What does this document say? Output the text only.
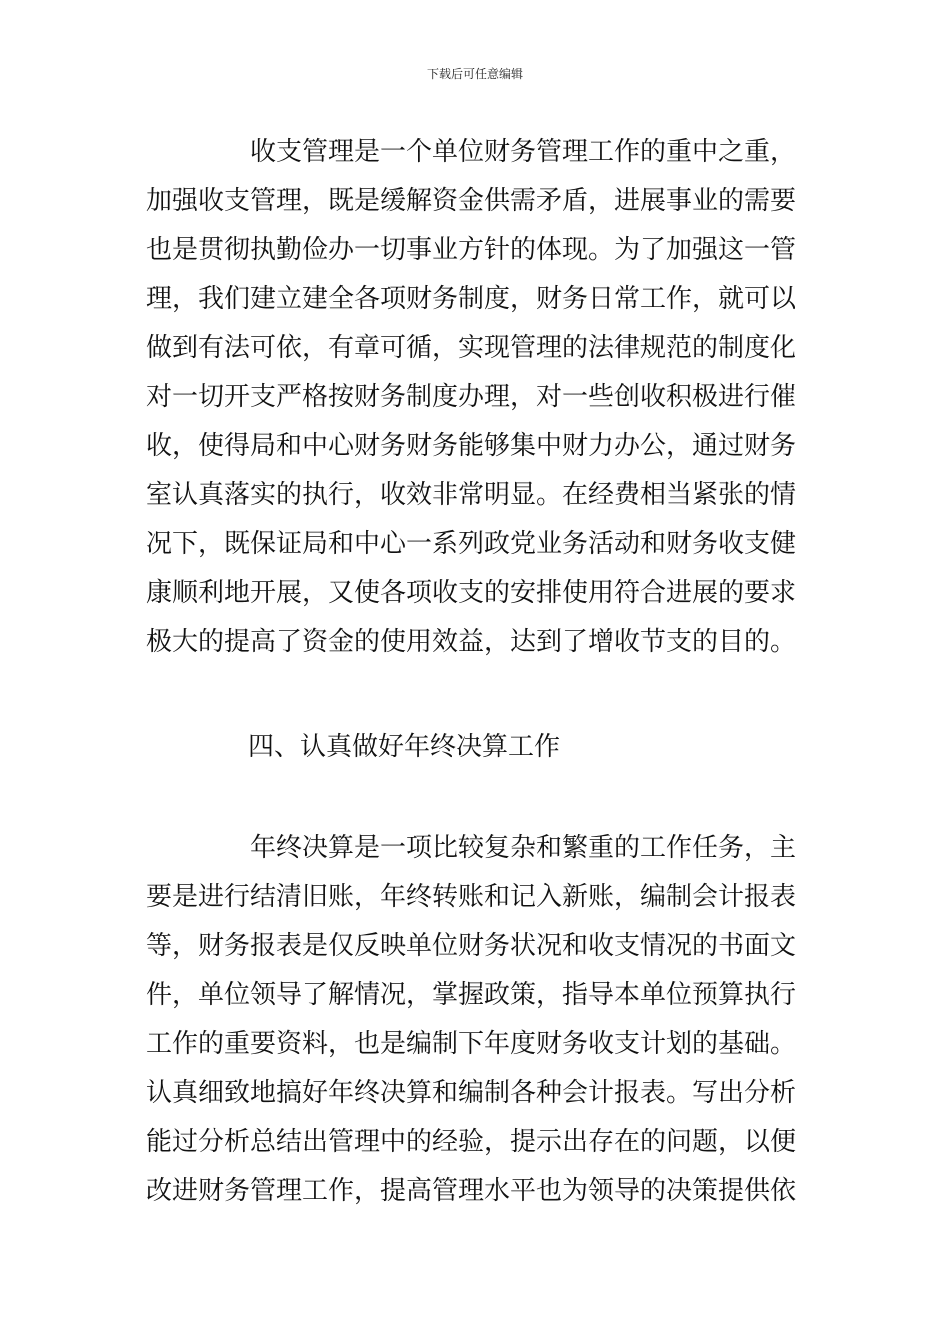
下载后可任意编辑
收支管理是一个单位财务管理工作的重中之重，
加强收支管理，既是缓解资金供需矛盾，进展事业的需要
也是贯彻执勤俭办一切事业方针的体现。为了加强这一管
理，我们建立建全各项财务制度，财务日常工作，就可以
做到有法可依，有章可循，实现管理的法律规范的制度化
对一切开支严格按财务制度办理，对一些创收积极进行催
收，使得局和中心财务财务能够集中财力办公，通过财务
室认真落实的执行，收效非常明显。在经费相当紧张的情
况下，既保证局和中心一系列政党业务活动和财务收支健
康顺利地开展，又使各项收支的安排使用符合进展的要求
极大的提高了资金的使用效益，达到了增收节支的目的。
四、认真做好年终决算工作
年终决算是一项比较复杂和繁重的工作任务，主
要是进行结清旧账，年终转账和记入新账，编制会计报表
等，财务报表是仅反映单位财务状况和收支情况的书面文
件，单位领导了解情况，掌握政策，指导本单位预算执行
工作的重要资料，也是编制下年度财务收支计划的基础。
认真细致地搞好年终决算和编制各种会计报表。写出分析
能过分析总结出管理中的经验，提示出存在的问题，以便
改进财务管理工作，提高管理水平也为领导的决策提供依
